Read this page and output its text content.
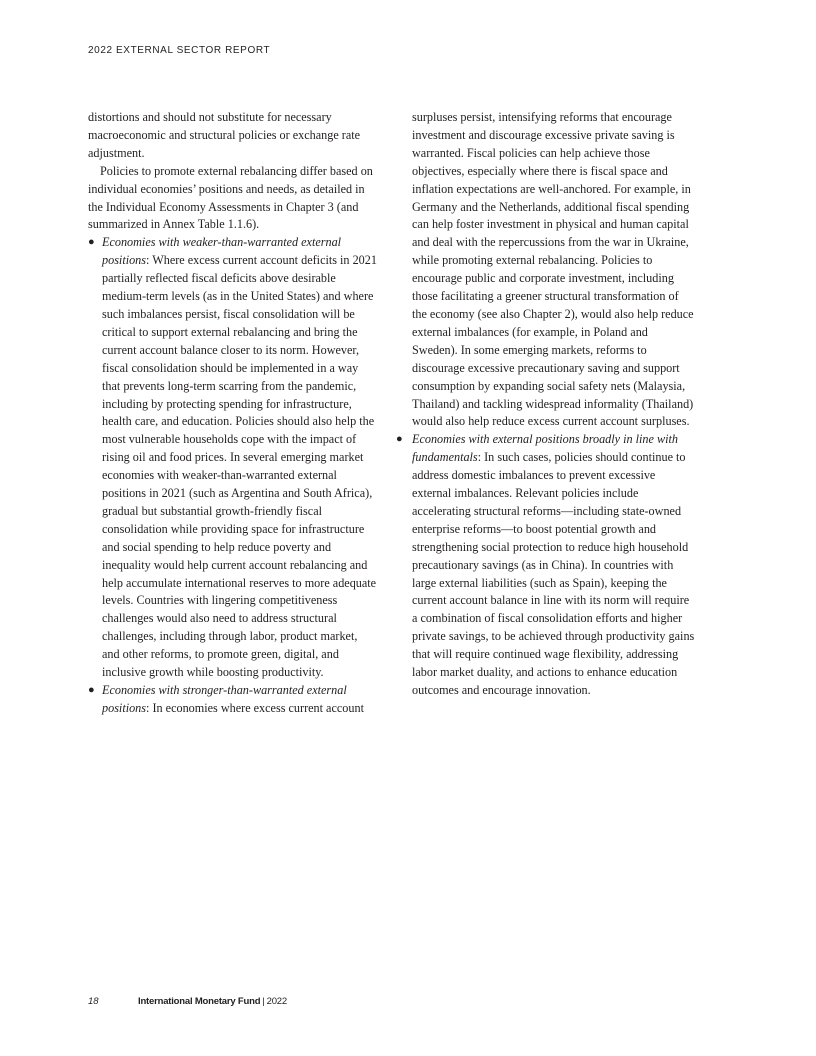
2022 EXTERNAL SECTOR REPORT

distortions and should not substitute for necessary macroeconomic and structural policies or exchange rate adjustment.

Policies to promote external rebalancing differ based on individual economies’ positions and needs, as detailed in the Individual Economy Assessments in Chapter 3 (and summarized in Annex Table 1.1.6).

● Economies with weaker-than-warranted external positions: Where excess current account deficits in 2021 partially reflected fiscal deficits above desirable medium-term levels (as in the United States) and where such imbalances persist, fiscal consolidation will be critical to support external rebalancing and bring the current account balance closer to its norm. However, fiscal consolidation should be implemented in a way that prevents long-term scarring from the pandemic, including by protecting spending for infrastructure, health care, and education. Policies should also help the most vulnerable households cope with the impact of rising oil and food prices. In several emerging market economies with weaker-than-warranted external positions in 2021 (such as Argentina and South Africa), gradual but substantial growth-friendly fiscal consolidation while providing space for infrastructure and social spending to help reduce poverty and inequality would help current account rebalancing and help accumulate international reserves to more adequate levels. Countries with lingering competitiveness challenges would also need to address structural challenges, including through labor, product market, and other reforms, to promote green, digital, and inclusive growth while boosting productivity.
● Economies with stronger-than-warranted external positions: In economies where excess current account

surpluses persist, intensifying reforms that encourage investment and discourage excessive private saving is warranted. Fiscal policies can help achieve those objectives, especially where there is fiscal space and inflation expectations are well-anchored. For example, in Germany and the Netherlands, additional fiscal spending can help foster investment in physical and human capital and deal with the repercussions from the war in Ukraine, while promoting external rebalancing. Policies to encourage public and corporate investment, including those facilitating a greener structural transformation of the economy (see also Chapter 2), would also help reduce external imbalances (for example, in Poland and Sweden). In some emerging markets, reforms to discourage excessive precautionary saving and support consumption by expanding social safety nets (Malaysia, Thailand) and tackling widespread informality (Thailand) would also help reduce excess current account surpluses.

● Economies with external positions broadly in line with fundamentals: In such cases, policies should continue to address domestic imbalances to prevent excessive external imbalances. Relevant policies include accelerating structural reforms—including state-owned enterprise reforms—to boost potential growth and strengthening social protection to reduce high household precautionary savings (as in China). In countries with large external liabilities (such as Spain), keeping the current account balance in line with its norm will require a combination of fiscal consolidation efforts and higher private savings, to be achieved through productivity gains that will require continued wage flexibility, addressing labor market duality, and actions to enhance education outcomes and encourage innovation.
18	International Monetary Fund | 2022
